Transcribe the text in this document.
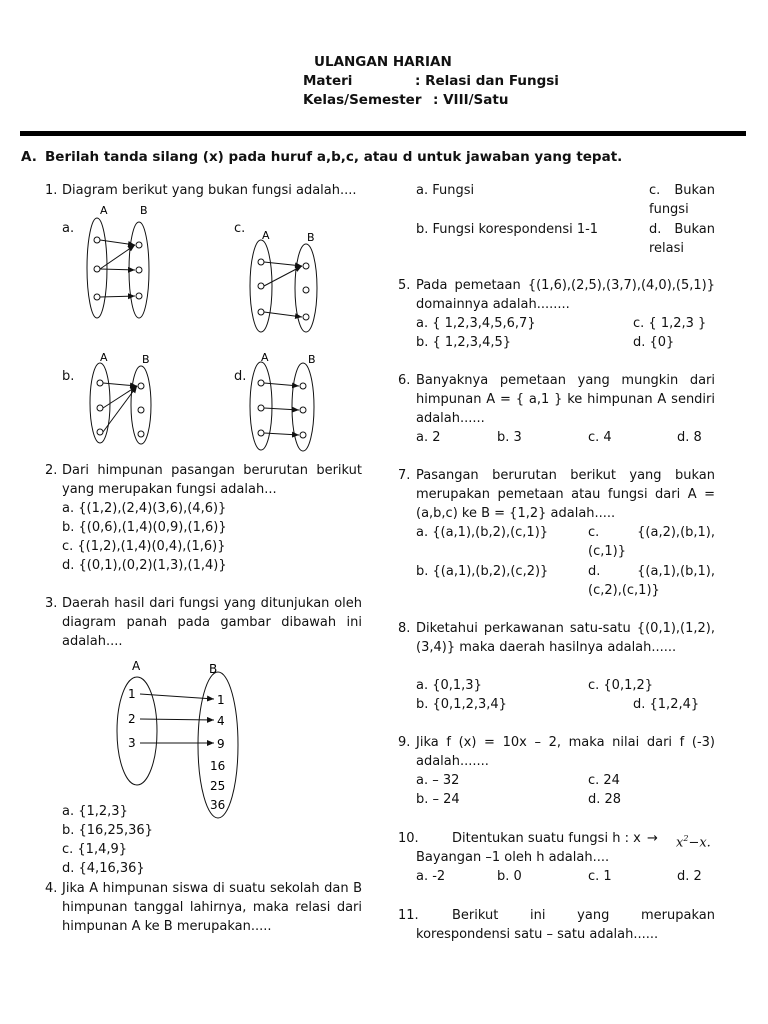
ULANGAN HARIAN
Materi	: Relasi dan Fungsi
Kelas/Semester : VIII/Satu
A. Berilah tanda silang (x) pada huruf a,b,c, atau d untuk jawaban yang tepat.
1. Diagram berikut yang bukan fungsi adalah....
a.	c.
b.	d.
A	B
A	B
A	B	A	B
2. Dari himpunan pasangan berurutan berikut yang merupakan fungsi adalah...
a. {(1,2),(2,4)(3,6),(4,6)}
b. {(0,6),(1,4)(0,9),(1,6)}
c. {(1,2),(1,4)(0,4),(1,6)}
d. {(0,1),(0,2)(1,3),(1,4)}
3. Daerah hasil dari fungsi yang ditunjukan oleh diagram panah pada gambar dibawah ini adalah....
A	B
1
2
3
1
4
9
16
25
36
a. {1,2,3}
b. {16,25,36}
c. {1,4,9}
d. {4,16,36}
4. Jika A himpunan siswa di suatu sekolah dan B himpunan tanggal lahirnya, maka relasi dari himpunan A ke B merupakan.....
a. Fungsi
b. Fungsi korespondensi 1-1
c. Bukan fungsi
d. Bukan relasi
5. Pada pemetaan {(1,6),(2,5),(3,7),(4,0),(5,1)} domainnya adalah........
a. { 1,2,3,4,5,6,7}
b. { 1,2,3,4,5}
c. { 1,2,3 }
d. {0}
6. Banyaknya pemetaan yang mungkin dari himpunan A = { a,1 } ke himpunan A sendiri adalah......
a. 2	b. 3	c. 4	d. 8
7. Pasangan berurutan berikut yang bukan merupakan pemetaan atau fungsi dari A = (a,b,c) ke B = {1,2} adalah.....
a. {(a,1),(b,2),(c,1)}
b. {(a,1),(b,2),(c,2)}
c. {(a,2),(b,1),(c,1)}
d. {(a,1),(b,1),(c,2),(c,1)}
8. Diketahui perkawanan satu-satu {(0,1),(1,2),(3,4)} maka daerah hasilnya adalah......
a. {0,1,3}
b. {0,1,2,3,4}
c. {0,1,2}
d. {1,2,4}
9. Jika f (x) = 10x – 2, maka nilai dari f (-3) adalah.......
a. – 32
b. – 24
c. 24
d. 28
10.	Ditentukan suatu fungsi h : $x \to x^2-x$.
Bayangan –1 oleh h adalah....
a. -2	b. 0	c. 1	d. 2
11.	Berikut ini yang merupakan korespondensi satu – satu adalah......
